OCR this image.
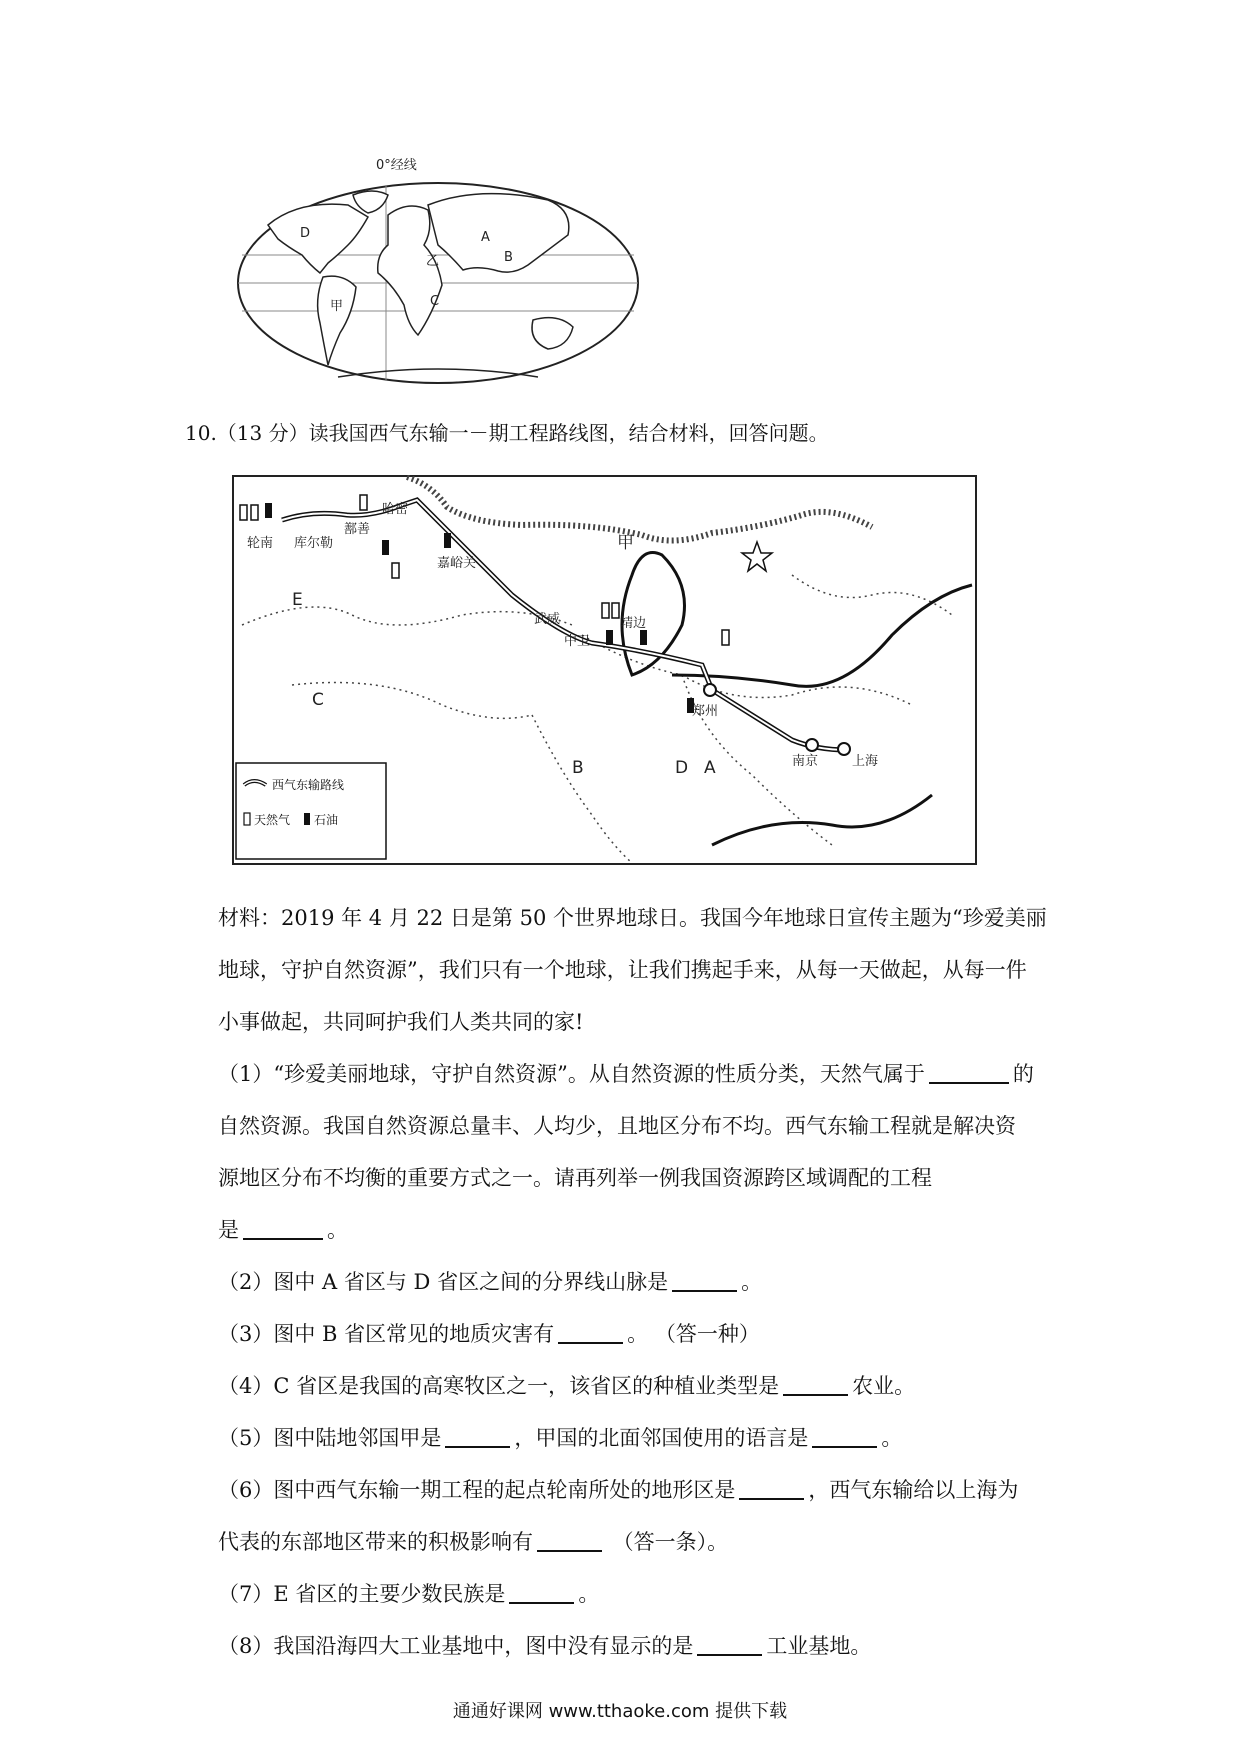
0°经线
A
B
C
D
乙
甲
10.（13 分）读我国西气东输一－期工程路线图，结合材料，回答问题。
轮南 库尔勒
鄯善
哈密
嘉峪关
武威	靖边
中卫
郑州
南京	上海
甲
A
B
C
D
E
西气东输路线
天然气 石油
材料：2019 年 4 月 22 日是第 50 个世界地球日。我国今年地球日宣传主题为“珍爱美丽
地球，守护自然资源”，我们只有一个地球，让我们携起手来，从每一天做起，从每一件
小事做起，共同呵护我们人类共同的家!
（1）“珍爱美丽地球，守护自然资源”。从自然资源的性质分类，天然气属于	的
自然资源。我国自然资源总量丰、人均少，且地区分布不均。西气东输工程就是解决资
源地区分布不均衡的重要方式之一。请再列举一例我国资源跨区域调配的工程
是	。
（2）图中 A 省区与 D 省区之间的分界线山脉是	。
（3）图中 B 省区常见的地质灾害有	。 （答一种）
（4）C 省区是我国的高寒牧区之一，该省区的种植业类型是	农业。
（5）图中陆地邻国甲是	，甲国的北面邻国使用的语言是	。
（6）图中西气东输一期工程的起点轮南所处的地形区是	，西气东输给以上海为
代表的东部地区带来的积极影响有	（答一条）。
（7）E 省区的主要少数民族是	。
（8）我国沿海四大工业基地中，图中没有显示的是	工业基地。
通通好课网 www.tthaoke.com 提供下载
